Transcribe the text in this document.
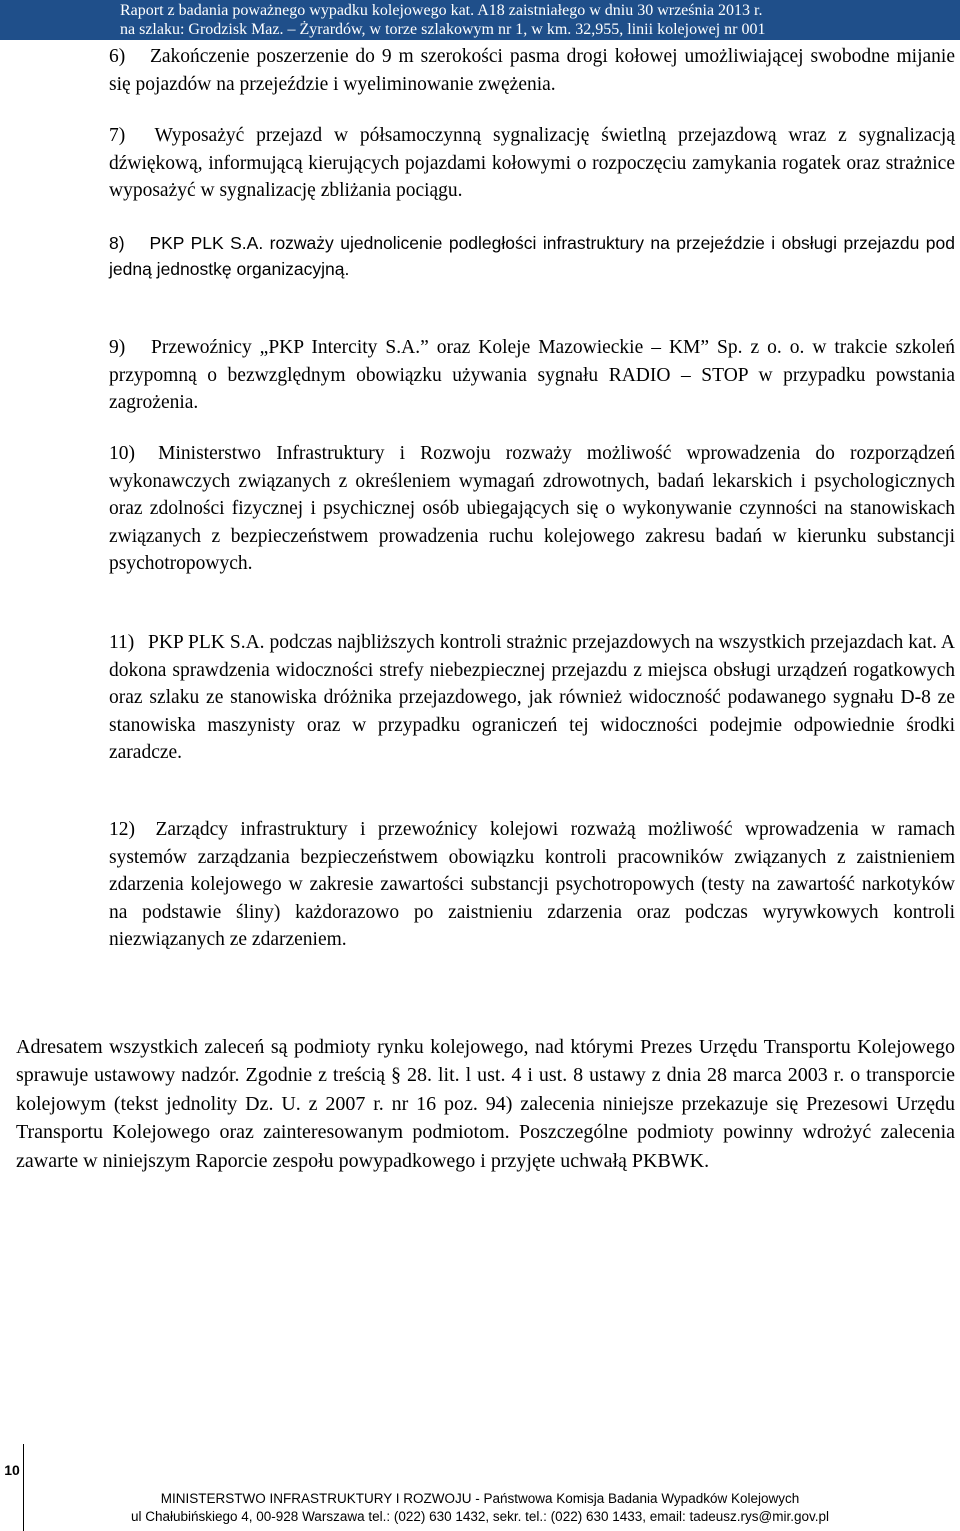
Raport z badania poważnego wypadku kolejowego kat. A18 zaistniałego w dniu 30 września 2013 r.
na szlaku: Grodzisk Maz. – Żyrardów, w torze szlakowym nr 1, w km. 32,955, linii kolejowej nr 001

6) Zakończenie poszerzenie do 9 m szerokości pasma drogi kołowej umożliwiającej swobodne mijanie się pojazdów na przejeździe i wyeliminowanie zwężenia.

7) Wyposażyć przejazd w półsamoczynną sygnalizację świetlną przejazdową wraz z sygnalizacją dźwiękową, informującą kierujących pojazdami kołowymi o rozpoczęciu zamykania rogatek oraz strażnice wyposażyć w sygnalizację zbliżania pociągu.

8) PKP PLK S.A. rozważy ujednolicenie podległości infrastruktury na przejeździe i obsługi przejazdu pod jedną jednostkę organizacyjną.

9) Przewoźnicy „PKP Intercity S.A.” oraz Koleje Mazowieckie – KM” Sp. z o. o. w trakcie szkoleń przypomną o bezwzględnym obowiązku używania sygnału RADIO – STOP w przypadku powstania zagrożenia.

10) Ministerstwo Infrastruktury i Rozwoju rozważy możliwość wprowadzenia do rozporządzeń wykonawczych związanych z określeniem wymagań zdrowotnych, badań lekarskich i psychologicznych oraz zdolności fizycznej i psychicznej osób ubiegających się o wykonywanie czynności na stanowiskach związanych z bezpieczeństwem prowadzenia ruchu kolejowego zakresu badań w kierunku substancji psychotropowych.

11) PKP PLK S.A. podczas najbliższych kontroli strażnic przejazdowych na wszystkich przejazdach kat. A dokona sprawdzenia widoczności strefy niebezpiecznej przejazdu z miejsca obsługi urządzeń rogatkowych oraz szlaku ze stanowiska dróżnika przejazdowego, jak również widoczność podawanego sygnału D-8 ze stanowiska maszynisty oraz w przypadku ograniczeń tej widoczności podejmie odpowiednie środki zaradcze.

12) Zarządcy infrastruktury i przewoźnicy kolejowi rozważą możliwość wprowadzenia w ramach systemów zarządzania bezpieczeństwem obowiązku kontroli pracowników związanych z zaistnieniem zdarzenia kolejowego w zakresie zawartości substancji psychotropowych (testy na zawartość narkotyków na podstawie śliny) każdorazowo po zaistnieniu zdarzenia oraz podczas wyrywkowych kontroli niezwiązanych ze zdarzeniem.

Adresatem wszystkich zaleceń są podmioty rynku kolejowego, nad którymi Prezes Urzędu Transportu Kolejowego sprawuje ustawowy nadzór. Zgodnie z treścią § 28. lit. l ust. 4 i ust. 8 ustawy z dnia 28 marca 2003 r. o transporcie kolejowym (tekst jednolity Dz. U. z 2007 r. nr 16 poz. 94) zalecenia niniejsze przekazuje się Prezesowi Urzędu Transportu Kolejowego oraz zainteresowanym podmiotom. Poszczególne podmioty powinny wdrożyć zalecenia zawarte w niniejszym Raporcie zespołu powypadkowego i przyjęte uchwałą PKBWK.

10
MINISTERSTWO INFRASTRUKTURY I ROZWOJU - Państwowa Komisja Badania Wypadków Kolejowych
ul Chałubińskiego 4, 00-928 Warszawa tel.: (022) 630 1432, sekr. tel.: (022) 630 1433, email: tadeusz.rys@mir.gov.pl
